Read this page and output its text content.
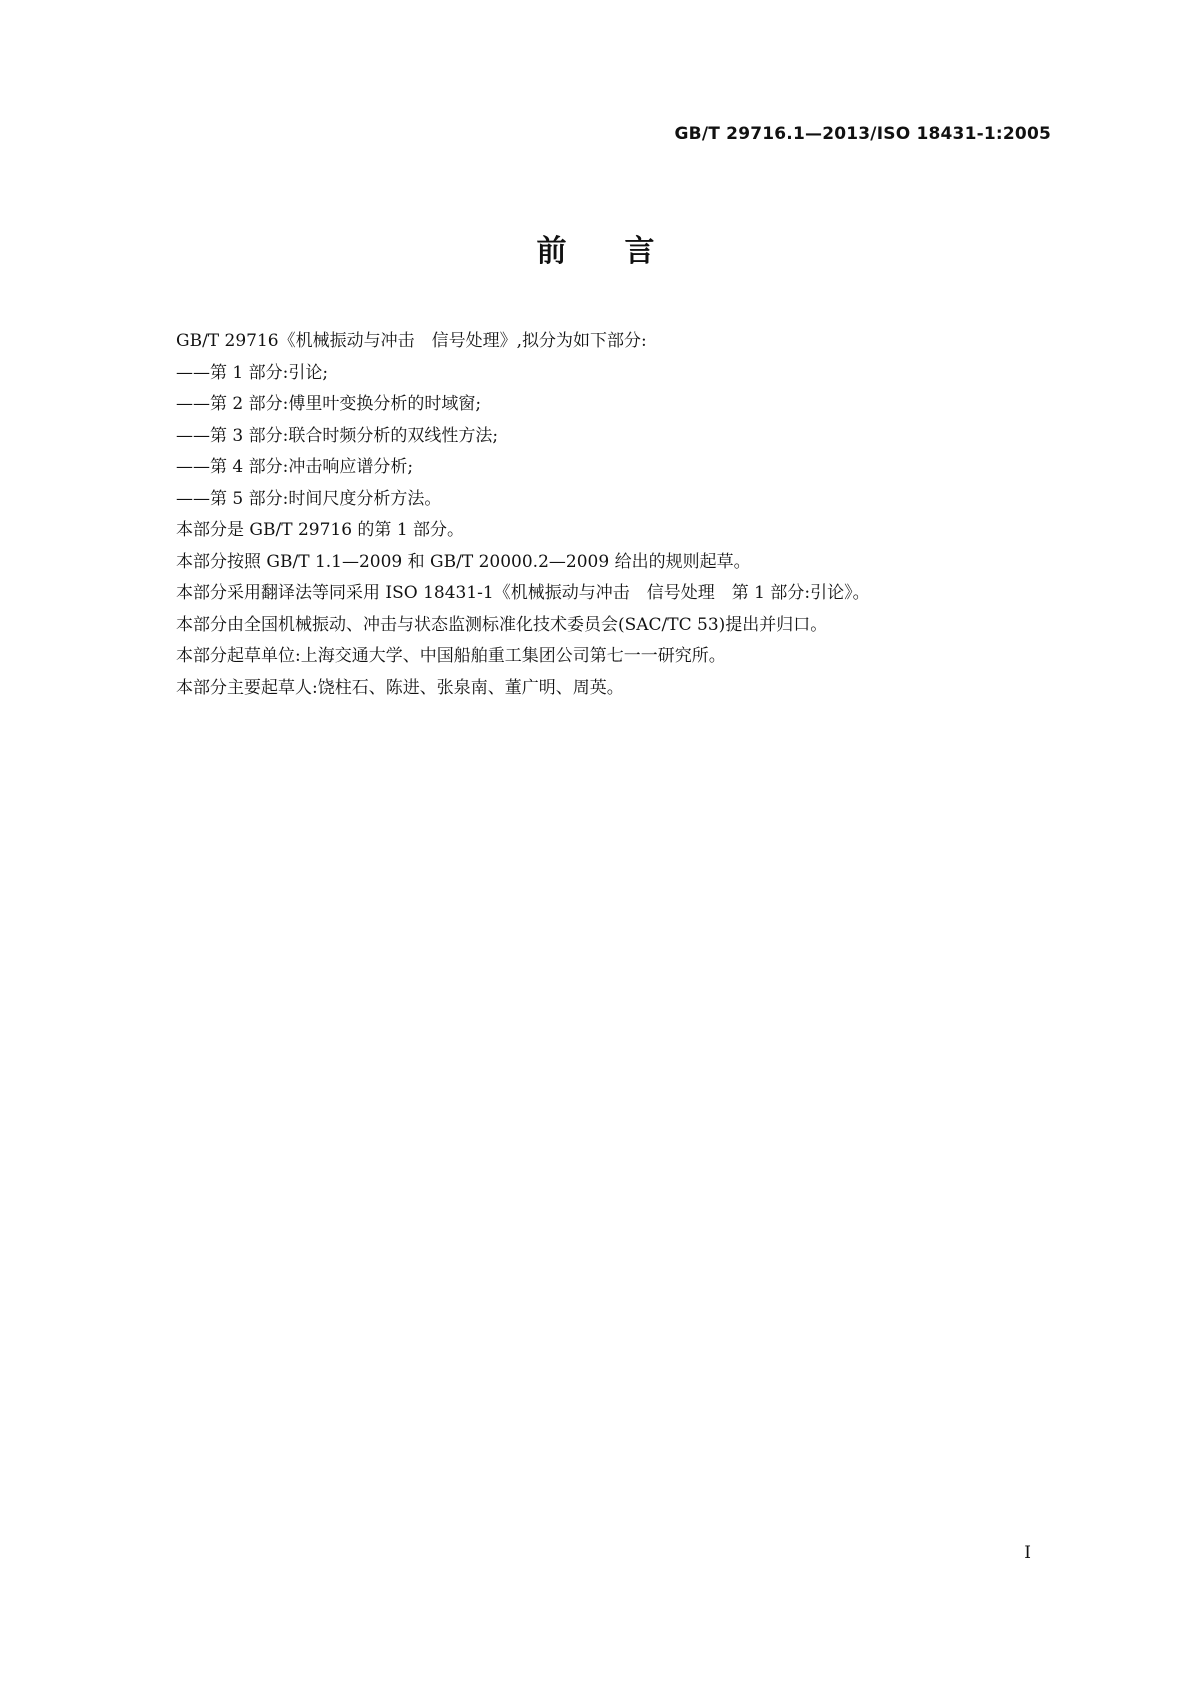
GB/T 29716.1—2013/ISO 18431-1:2005
前言
GB/T 29716《机械振动与冲击　信号处理》,拟分为如下部分:
——第 1 部分:引论;
——第 2 部分:傅里叶变换分析的时域窗;
——第 3 部分:联合时频分析的双线性方法;
——第 4 部分:冲击响应谱分析;
——第 5 部分:时间尺度分析方法。
本部分是 GB/T 29716 的第 1 部分。
本部分按照 GB/T 1.1—2009 和 GB/T 20000.2—2009 给出的规则起草。
本部分采用翻译法等同采用 ISO 18431-1《机械振动与冲击　信号处理　第 1 部分:引论》。
本部分由全国机械振动、冲击与状态监测标准化技术委员会(SAC/TC 53)提出并归口。
本部分起草单位:上海交通大学、中国船舶重工集团公司第七一一研究所。
本部分主要起草人:饶柱石、陈进、张泉南、董广明、周英。
I
